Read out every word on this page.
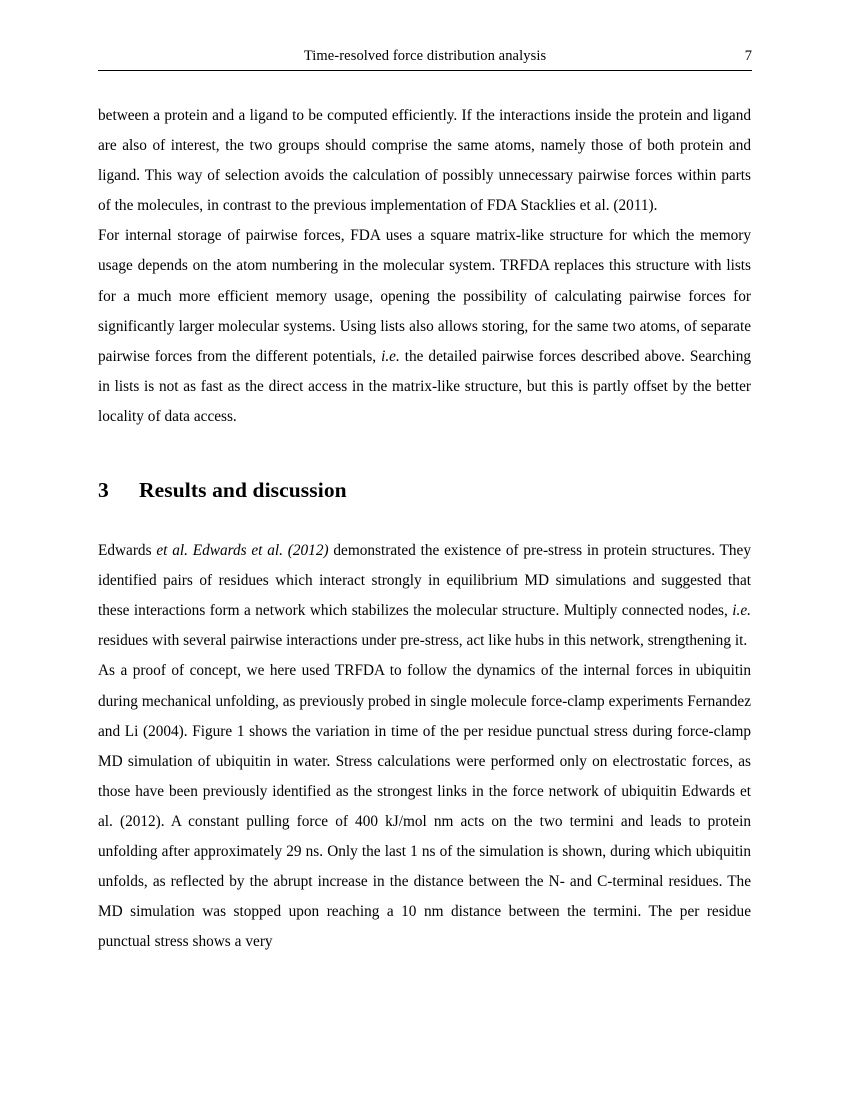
Time-resolved force distribution analysis	7

between a protein and a ligand to be computed efficiently. If the interactions inside the protein and ligand are also of interest, the two groups should comprise the same atoms, namely those of both protein and ligand. This way of selection avoids the calculation of possibly unnecessary pairwise forces within parts of the molecules, in contrast to the previous implementation of FDA Stacklies et al. (2011).

For internal storage of pairwise forces, FDA uses a square matrix-like structure for which the memory usage depends on the atom numbering in the molecular system. TRFDA replaces this structure with lists for a much more efficient memory usage, opening the possibility of calculating pairwise forces for significantly larger molecular systems. Using lists also allows storing, for the same two atoms, of separate pairwise forces from the different potentials, i.e. the detailed pairwise forces described above. Searching in lists is not as fast as the direct access in the matrix-like structure, but this is partly offset by the better locality of data access.

3 Results and discussion

Edwards et al. Edwards et al. (2012) demonstrated the existence of pre-stress in protein structures. They identified pairs of residues which interact strongly in equilibrium MD simulations and suggested that these interactions form a network which stabilizes the molecular structure. Multiply connected nodes, i.e. residues with several pairwise interactions under pre-stress, act like hubs in this network, strengthening it.

As a proof of concept, we here used TRFDA to follow the dynamics of the internal forces in ubiquitin during mechanical unfolding, as previously probed in single molecule force-clamp experiments Fernandez and Li (2004). Figure 1 shows the variation in time of the per residue punctual stress during force-clamp MD simulation of ubiquitin in water. Stress calculations were performed only on electrostatic forces, as those have been previously identified as the strongest links in the force network of ubiquitin Edwards et al. (2012). A constant pulling force of 400 kJ/mol nm acts on the two termini and leads to protein unfolding after approximately 29 ns. Only the last 1 ns of the simulation is shown, during which ubiquitin unfolds, as reflected by the abrupt increase in the distance between the N- and C-terminal residues. The MD simulation was stopped upon reaching a 10 nm distance between the termini. The per residue punctual stress shows a very
